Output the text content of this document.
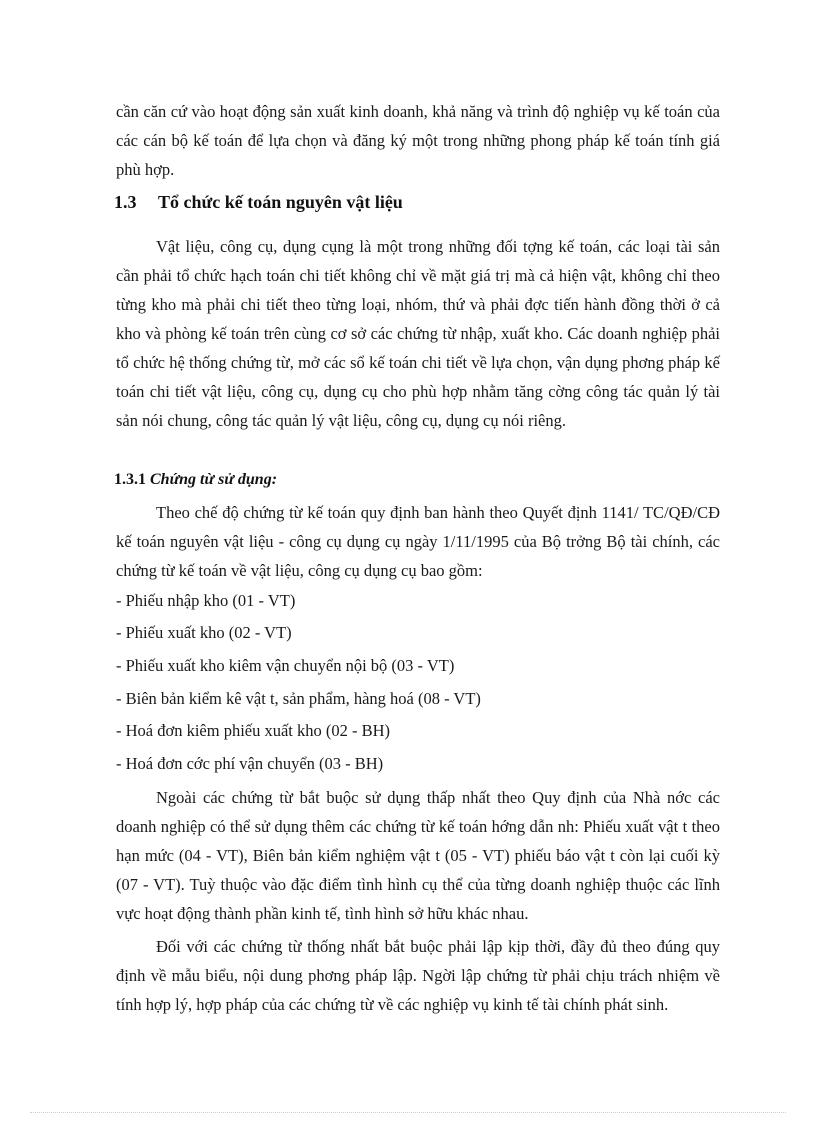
cần căn cứ vào hoạt động sản xuất kinh doanh, khả năng và trình độ nghiệp vụ kế toán của các cán bộ kế toán để lựa chọn và đăng ký một trong những phong pháp kế toán tính giá phù hợp.
1.3 Tổ chức kế toán nguyên vật liệu
Vật liệu, công cụ, dụng cụng là một trong những đối tợng kế toán, các loại tài sản cần phải tổ chức hạch toán chi tiết không chỉ về mặt giá trị mà cả hiện vật, không chỉ theo từng kho mà phải chi tiết theo từng loại, nhóm, thứ và phải đợc tiến hành đồng thời ở cả kho và phòng kế toán trên cùng cơ sở các chứng từ nhập, xuất kho. Các doanh nghiệp phải tổ chức hệ thống chứng từ, mở các sổ kế toán chi tiết về lựa chọn, vận dụng phơng pháp kế toán chi tiết vật liệu, công cụ, dụng cụ cho phù hợp nhằm tăng cờng công tác quản lý tài sản nói chung, công tác quản lý vật liệu, công cụ, dụng cụ nói riêng.
1.3.1 Chứng từ sử dụng:
Theo chế độ chứng từ kế toán quy định ban hành theo Quyết định 1141/ TC/QĐ/CĐ kế toán nguyên vật liệu - công cụ dụng cụ ngày 1/11/1995 của Bộ trởng Bộ tài chính, các chứng từ kế toán về vật liệu, công cụ dụng cụ bao gồm:
- Phiếu nhập kho (01 - VT)
- Phiếu xuất kho (02 - VT)
- Phiếu xuất kho kiêm vận chuyển nội bộ (03 - VT)
- Biên bản kiểm kê vật t, sản phẩm, hàng hoá (08 - VT)
- Hoá đơn kiêm phiếu xuất kho (02 - BH)
- Hoá đơn cớc phí vận chuyển (03 - BH)
Ngoài các chứng từ bắt buộc sử dụng thấp nhất theo Quy định của Nhà nớc các doanh nghiệp có thể sử dụng thêm các chứng từ kế toán hớng dẫn nh: Phiếu xuất vật t theo hạn mức (04 - VT), Biên bản kiểm nghiệm vật t (05 - VT) phiếu báo vật t còn lại cuối kỳ (07 - VT). Tuỳ thuộc vào đặc điểm tình hình cụ thể của từng doanh nghiệp thuộc các lĩnh vực hoạt động thành phần kinh tế, tình hình sở hữu khác nhau.
Đối với các chứng từ thống nhất bắt buộc phải lập kịp thời, đầy đủ theo đúng quy định về mẫu biểu, nội dung phơng pháp lập. Ngời lập chứng từ phải chịu trách nhiệm về tính hợp lý, hợp pháp của các chứng từ về các nghiệp vụ kinh tế tài chính phát sinh.
